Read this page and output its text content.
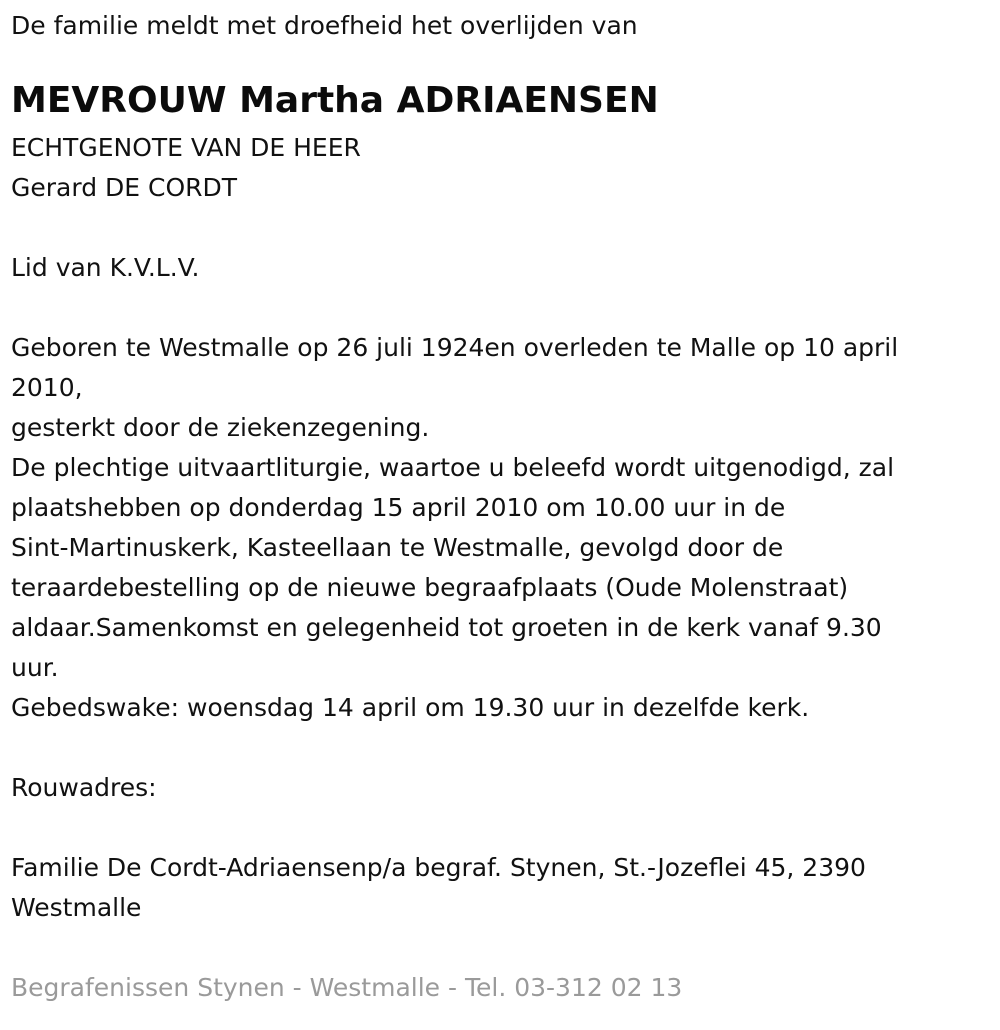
De familie meldt met droefheid het overlijden van

MEVROUW Martha ADRIAENSEN

ECHTGENOTE VAN DE HEER

Gerard DE CORDT

Lid van K.V.L.V.

Geboren te Westmalle op 26 juli 1924en overleden te Malle op 10 april

2010,

gesterkt door de ziekenzegening.

De plechtige uitvaartliturgie, waartoe u beleefd wordt uitgenodigd, zal

plaatshebben op donderdag 15 april 2010 om 10.00 uur in de

Sint-Martinuskerk, Kasteellaan te Westmalle, gevolgd door de

teraardebestelling op de nieuwe begraafplaats (Oude Molenstraat)

aldaar.Samenkomst en gelegenheid tot groeten in de kerk vanaf 9.30

uur.

Gebedswake: woensdag 14 april om 19.30 uur in dezelfde kerk.

Rouwadres:

Familie De Cordt-Adriaensenp/a begraf. Stynen, St.-Jozeflei 45, 2390

Westmalle

Begrafenissen Stynen - Westmalle - Tel. 03-312 02 13
